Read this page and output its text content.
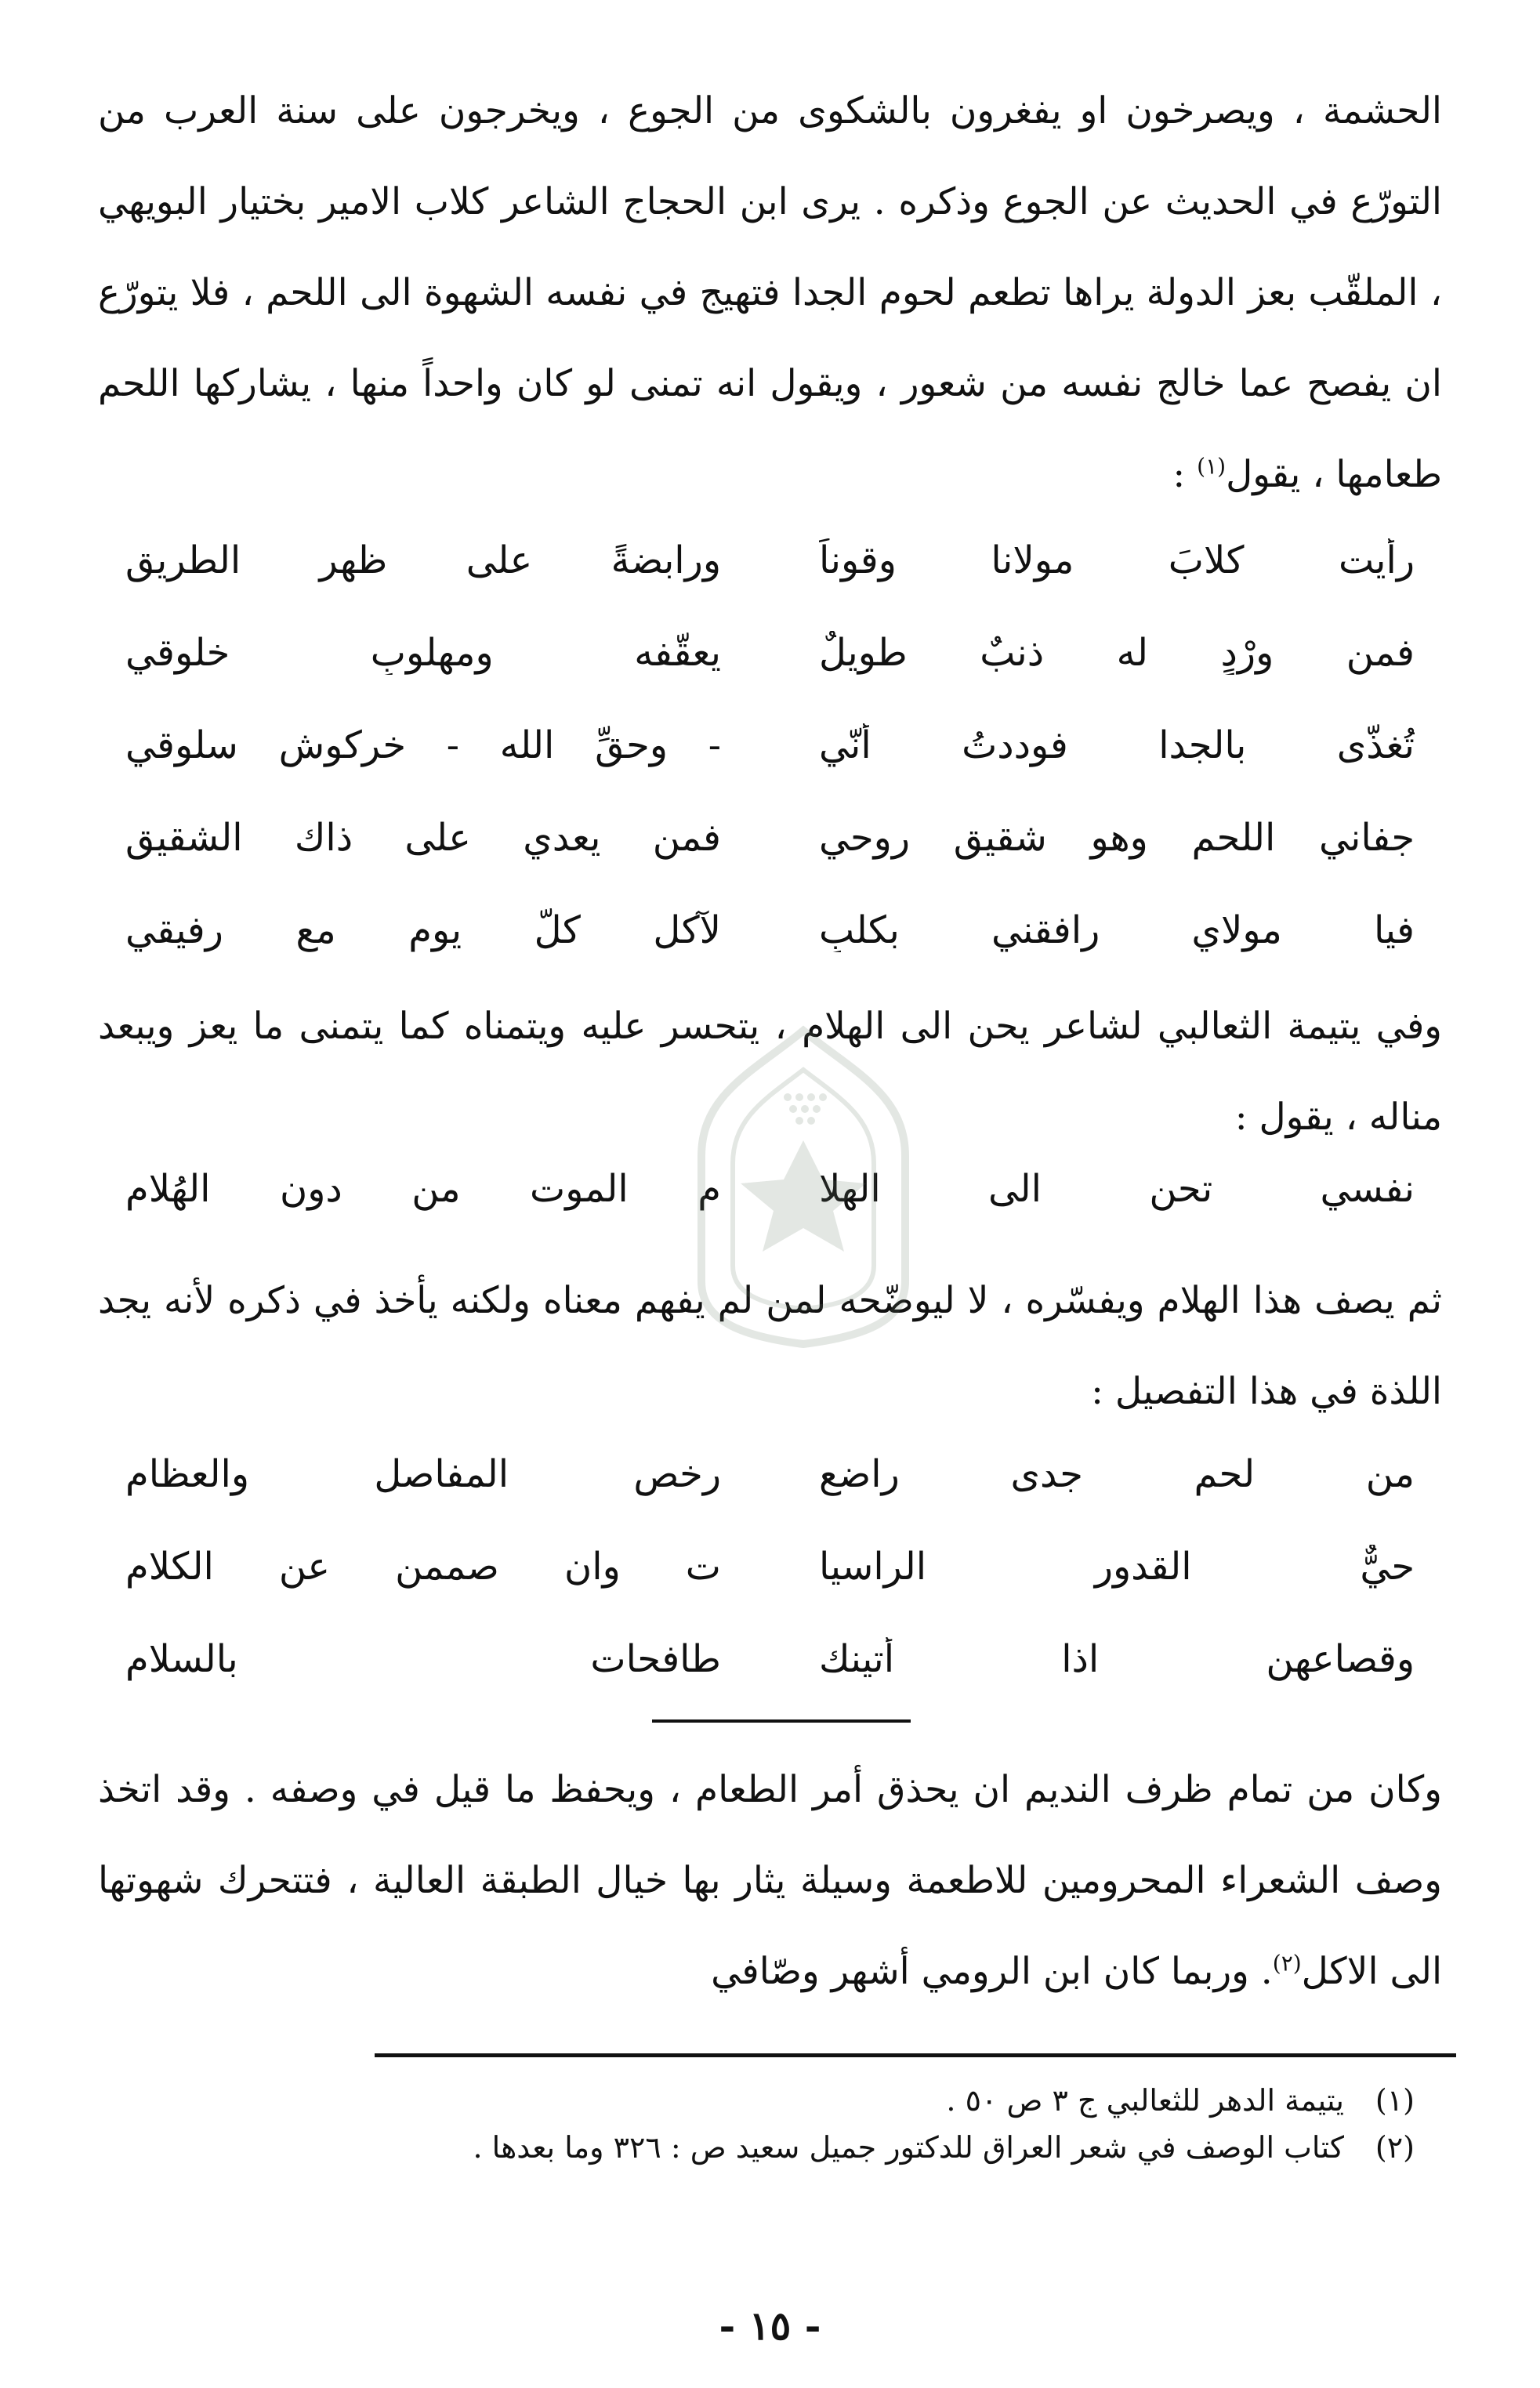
الحشمة ، ويصرخون او يفغرون بالشكوى من الجوع ، ويخرجون على سنة العرب من التورّع في الحديث عن الجوع وذكره . يرى ابن الحجاج الشاعر كلاب الامير بختيار البويهي ، الملقّب بعز الدولة يراها تطعم لحوم الجدا فتهيج في نفسه الشهوة الى اللحم ، فلا يتورّع ان يفصح عما خالج نفسه من شعور ، ويقول انه تمنى لو كان واحداً منها ، يشاركها اللحم طعامها ، يقول$^{(١)}$ :

رأيت كلابَ مولانا وقوناً
ورابضةً على ظهر الطريق
فمن ورْدٍ له ذنبٌ طويلٌ
يعقّفه ومهلوبٍ خلوقي
تُغذّى بالجدا فوددتُ أنّي
- وحقِّ الله - خركوش سلوقي
جفاني اللحم وهو شقيق روحي
فمن يعدي على ذاك الشقيق
فيا مولاي رافقني بكلبٍ
لآكل كلَّ يوم مع رفيقي

وفي يتيمة الثعالبي لشاعر يحن الى الهلام ، يتحسر عليه ويتمناه كما يتمنى ما يعز ويبعد مناله ، يقول :

نفسي تحن الى الهلا
م الموت من دون الهُلام

ثم يصف هذا الهلام ويفسّره ، لا ليوضّحه لمن لم يفهم معناه ولكنه يأخذ في ذكره لأنه يجد اللذة في هذا التفصيل :

من لحم جدى راضع
رخص المفاصل والعظام
حيٌّ القدور الراسيا
ت وان صممن عن الكلام
وقصاعهن اذا أتينك
طافحات بالسلام

وكان من تمام ظرف النديم ان يحذق أمر الطعام ، ويحفظ ما قيل في وصفه . وقد اتخذ وصف الشعراء المحرومين للاطعمة وسيلة يثار بها خيال الطبقة العالية ، فتتحرك شهوتها الى الاكل$^{(٢)}$. وربما كان ابن الرومي أشهر وصّافي

(١)
يتيمة الدهر للثعالبي ج ٣ ص ٥٠ .
(٢)
كتاب الوصف في شعر العراق للدكتور جميل سعيد ص : ٣٢٦ وما بعدها .
- ١٥ -
